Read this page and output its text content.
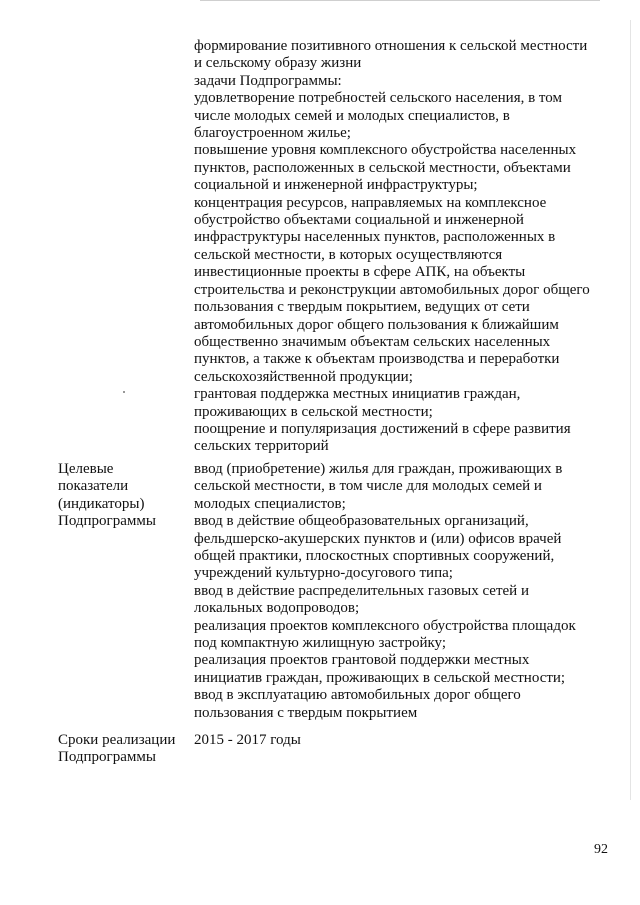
формирование позитивного отношения к сельской местности
и сельскому образу жизни
задачи Подпрограммы:
удовлетворение потребностей сельского населения, в том
числе молодых семей и молодых специалистов, в
благоустроенном жилье;
повышение уровня комплексного обустройства населенных
пунктов, расположенных в сельской местности, объектами
социальной и инженерной инфраструктуры;
концентрация ресурсов, направляемых на комплексное
обустройство объектами социальной и инженерной
инфраструктуры населенных пунктов, расположенных в
сельской местности, в которых осуществляются
инвестиционные проекты в сфере АПК, на объекты
строительства и реконструкции автомобильных дорог общего
пользования с твердым покрытием, ведущих от сети
автомобильных дорог общего пользования к ближайшим
общественно значимым объектам сельских населенных
пунктов, а также к объектам производства и переработки
сельскохозяйственной продукции;
грантовая поддержка местных инициатив граждан,
проживающих в сельской местности;
поощрение и популяризация достижений в сфере развития
сельских территорий
Целевые
показатели
(индикаторы)
Подпрограммы
ввод (приобретение) жилья для граждан, проживающих в
сельской местности, в том числе для молодых семей и
молодых специалистов;
ввод в действие общеобразовательных организаций,
фельдшерско-акушерских пунктов и (или) офисов врачей
общей практики, плоскостных спортивных сооружений,
учреждений культурно-досугового типа;
ввод в действие распределительных газовых сетей и
локальных водопроводов;
реализация проектов комплексного обустройства площадок
под компактную жилищную застройку;
реализация проектов грантовой поддержки местных
инициатив граждан, проживающих в сельской местности;
ввод в эксплуатацию автомобильных дорог общего
пользования с твердым покрытием
Сроки реализации
Подпрограммы
2015 - 2017 годы
92
